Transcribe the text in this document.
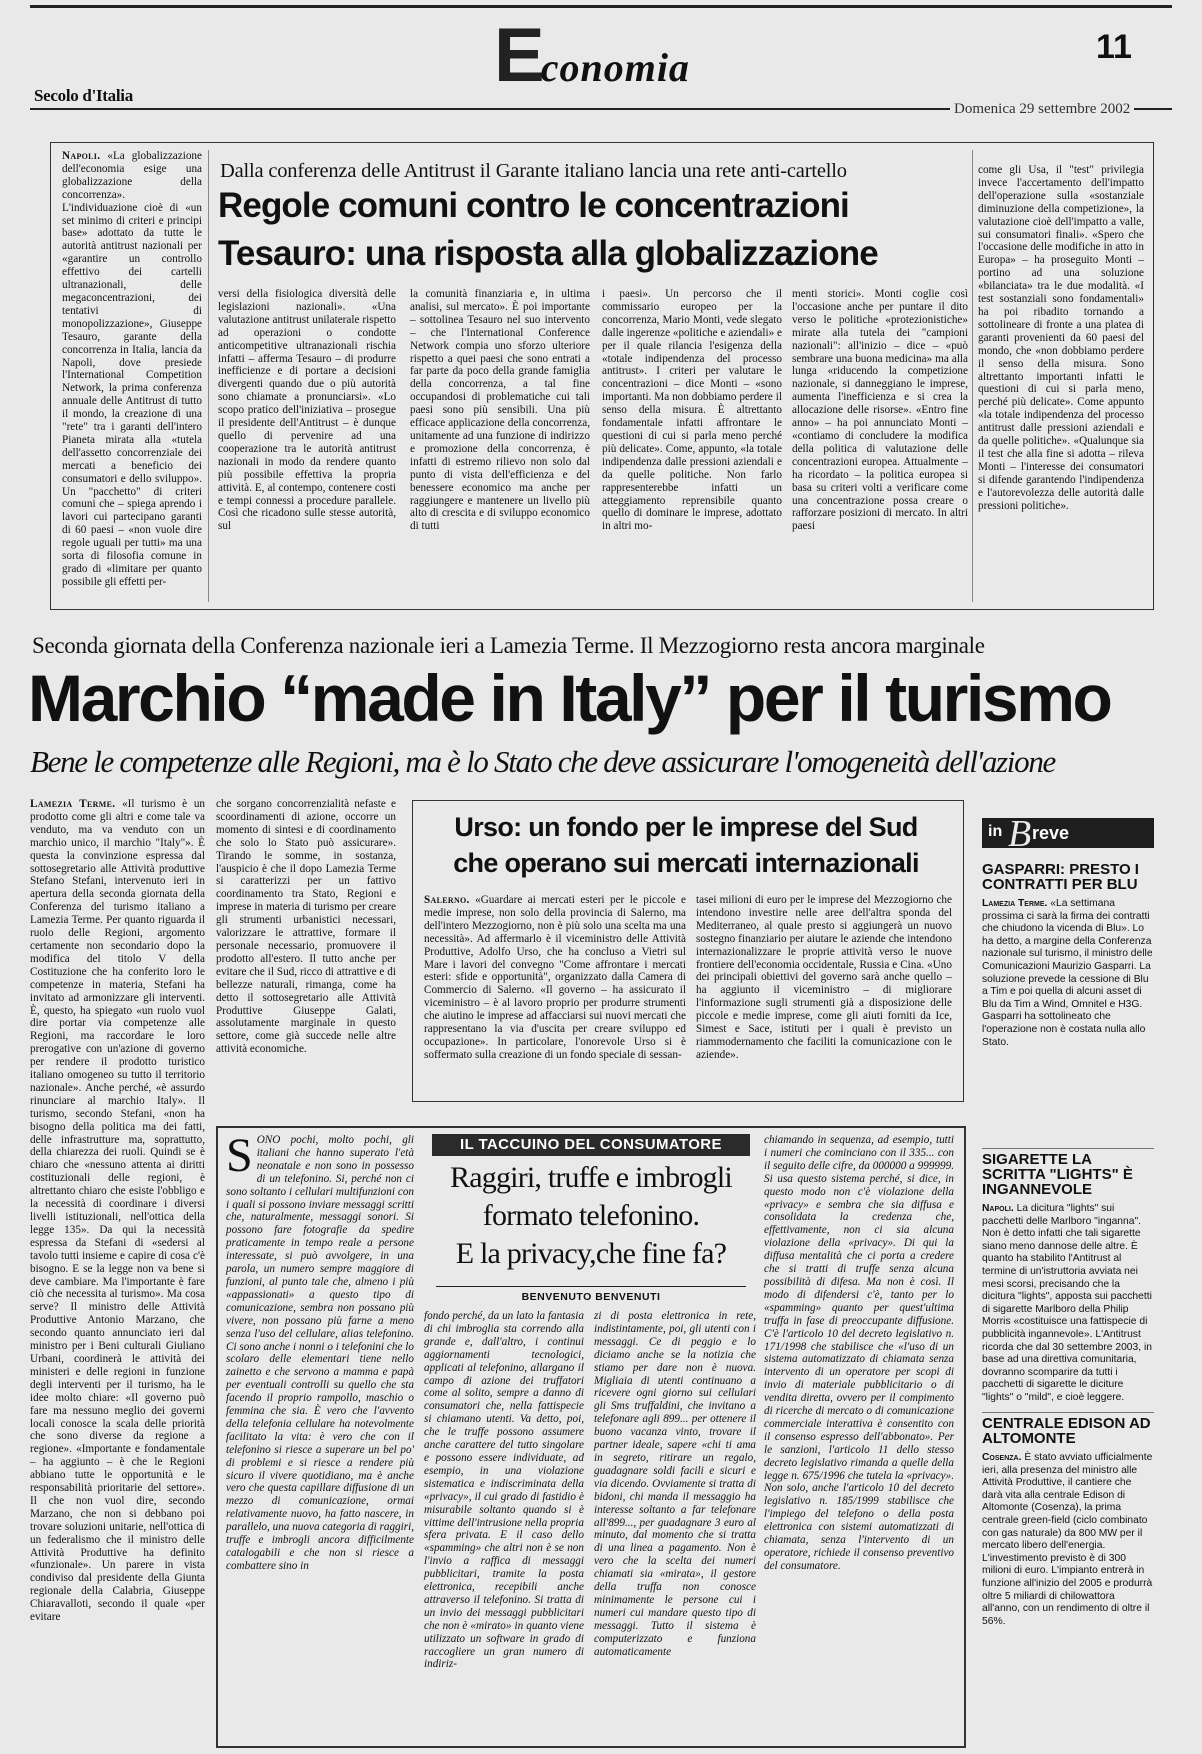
Economia	11
Secolo d'Italia
Domenica 29 settembre 2002

Napoli. «La globalizzazione dell'economia esige una globalizzazione della concorrenza». L'individuazione cioè di «un set minimo di criteri e principi base» adottato da tutte le autorità antitrust nazionali per «garantire un controllo effettivo dei cartelli ultranazionali, delle megaconcentrazioni, dei tentativi di monopolizzazione», Giuseppe Tesauro, garante della concorrenza in Italia, lancia da Napoli, dove presiede l'International Competition Network, la prima conferenza annuale delle Antitrust di tutto il mondo, la creazione di una "rete" tra i garanti dell'intero Pianeta mirata alla «tutela dell'assetto concorrenziale dei mercati a beneficio dei consumatori e dello sviluppo». Un "pacchetto" di criteri comuni che – spiega aprendo i lavori cui partecipano garanti di 60 paesi – «non vuole dire regole uguali per tutti» ma una sorta di filosofia comune in grado di «limitare per quanto possibile gli effetti per-

Dalla conferenza delle Antitrust il Garante italiano lancia una rete anti-cartello
Regole comuni contro le concentrazioni
Tesauro: una risposta alla globalizzazione

versi della fisiologica diversità delle legislazioni nazionali». «Una valutazione antitrust unilaterale rispetto ad operazioni o condotte anticompetitive ultranazionali rischia infatti – afferma Tesauro – di produrre inefficienze e di portare a decisioni divergenti quando due o più autorità sono chiamate a pronunciarsi». «Lo scopo pratico dell'iniziativa – prosegue il presidente dell'Antitrust – è dunque quello di pervenire ad una cooperazione tra le autorità antitrust nazionali in modo da rendere quanto più possibile effettiva la propria attività. E, al contempo, contenere costi e tempi connessi a procedure parallele. Così che ricadono sulle stesse autorità, sul

la comunità finanziaria e, in ultima analisi, sul mercato». È poi importante – sottolinea Tesauro nel suo intervento – che l'International Conference Network compia uno sforzo ulteriore rispetto a quei paesi che sono entrati a far parte da poco della grande famiglia della concorrenza, a tal fine occupandosi di problematiche cui tali paesi sono più sensibili. Una più efficace applicazione della concorrenza, unitamente ad una funzione di indirizzo e promozione della concorrenza, è infatti di estremo rilievo non solo dal punto di vista dell'efficienza e del benessere economico ma anche per raggiungere e mantenere un livello più alto di crescita e di sviluppo economico di tutti

i paesi». Un percorso che il commissario europeo per la concorrenza, Mario Monti, vede slegato dalle ingerenze «politiche e aziendali» e per il quale rilancia l'esigenza della «totale indipendenza del processo antitrust». I criteri per valutare le concentrazioni – dice Monti – «sono importanti. Ma non dobbiamo perdere il senso della misura. È altrettanto fondamentale infatti affrontare le questioni di cui si parla meno perché più delicate». Come, appunto, «la totale indipendenza dalle pressioni aziendali e da quelle politiche. Non farlo rappresenterebbe infatti un atteggiamento reprensibile quanto quello di dominare le imprese, adottato in altri mo-

menti storici». Monti coglie così l'occasione anche per puntare il dito verso le politiche «protezionistiche» mirate alla tutela dei "campioni nazionali": all'inizio – dice – «può sembrare una buona medicina» ma alla lunga «riducendo la competizione nazionale, si danneggiano le imprese, aumenta l'inefficienza e si crea la allocazione delle risorse». «Entro fine anno» – ha poi annunciato Monti – «contiamo di concludere la modifica della politica di valutazione delle concentrazioni europea. Attualmente – ha ricordato – la politica europea si basa su criteri volti a verificare come una concentrazione possa creare o rafforzare posizioni di mercato. In altri paesi

come gli Usa, il "test" privilegia invece l'accertamento dell'impatto dell'operazione sulla «sostanziale diminuzione della competizione», la valutazione cioè dell'impatto a valle, sui consumatori finali». «Spero che l'occasione delle modifiche in atto in Europa» – ha proseguito Monti – portino ad una soluzione «bilanciata» tra le due modalità. «I test sostanziali sono fondamentali» ha poi ribadito tornando a sottolineare di fronte a una platea di garanti provenienti da 60 paesi del mondo, che «non dobbiamo perdere il senso della misura. Sono altrettanto importanti infatti le questioni di cui si parla meno, perché più delicate». Come appunto «la totale indipendenza del processo antitrust dalle pressioni aziendali e da quelle politiche». «Qualunque sia il test che alla fine si adotta – rileva Monti – l'interesse dei consumatori si difende garantendo l'indipendenza e l'autorevolezza delle autorità dalle pressioni politiche».

Seconda giornata della Conferenza nazionale ieri a Lamezia Terme. Il Mezzogiorno resta ancora marginale
Marchio “made in Italy” per il turismo
Bene le competenze alle Regioni, ma è lo Stato che deve assicurare l'omogeneità dell'azione

Lamezia Terme. «Il turismo è un prodotto come gli altri e come tale va venduto, ma va venduto con un marchio unico, il marchio "Italy"». È questa la convinzione espressa dal sottosegretario alle Attività produttive Stefano Stefani, intervenuto ieri in apertura della seconda giornata della Conferenza del turismo italiano a Lamezia Terme. Per quanto riguarda il ruolo delle Regioni, argomento certamente non secondario dopo la modifica del titolo V della Costituzione che ha conferito loro le competenze in materia, Stefani ha invitato ad armonizzare gli interventi. È, questo, ha spiegato «un ruolo vuol dire portar via competenze alle Regioni, ma raccordare le loro prerogative con un'azione di governo per rendere il prodotto turistico italiano omogeneo su tutto il territorio nazionale». Anche perché, «è assurdo rinunciare al marchio Italy». Il turismo, secondo Stefani, «non ha bisogno della politica ma dei fatti, delle infrastrutture ma, soprattutto, della chiarezza dei ruoli. Quindi se è chiaro che «nessuno attenta ai diritti costituzionali delle regioni, è altrettanto chiaro che esiste l'obbligo e la necessità di coordinare i diversi livelli istituzionali, nell'ottica della legge 135». Da qui la necessità espressa da Stefani di «sedersi al tavolo tutti insieme e capire di cosa c'è bisogno. E se la legge non va bene si deve cambiare. Ma l'importante è fare ciò che necessita al turismo». Ma cosa serve? Il ministro delle Attività Produttive Antonio Marzano, che secondo quanto annunciato ieri dal ministro per i Beni culturali Giuliano Urbani, coordinerà le attività dei ministeri e delle regioni in funzione degli interventi per il turismo, ha le idee molto chiare: «Il governo può fare ma nessuno meglio dei governi locali conosce la scala delle priorità che sono diverse da regione a regione». «Importante e fondamentale – ha aggiunto – è che le Regioni abbiano tutte le opportunità e le responsabilità prioritarie del settore». Il che non vuol dire, secondo Marzano, che non si debbano poi trovare soluzioni unitarie, nell'ottica di un federalismo che il ministro delle Attività Produttive ha definito «funzionale». Un parere in vista condiviso dal presidente della Giunta regionale della Calabria, Giuseppe Chiaravalloti, secondo il quale «per evitare

che sorgano concorrenzialità nefaste e scoordinamenti di azione, occorre un momento di sintesi e di coordinamento che solo lo Stato può assicurare». Tirando le somme, in sostanza, l'auspicio è che il dopo Lamezia Terme si caratterizzi per un fattivo coordinamento tra Stato, Regioni e imprese in materia di turismo per creare gli strumenti urbanistici necessari, valorizzare le attrattive, formare il personale necessario, promuovere il prodotto all'estero. Il tutto anche per evitare che il Sud, ricco di attrattive e di bellezze naturali, rimanga, come ha detto il sottosegretario alle Attività Produttive Giuseppe Galati, assolutamente marginale in questo settore, come già succede nelle altre attività economiche.

Urso: un fondo per le imprese del Sud
che operano sui mercati internazionali

Salerno. «Guardare ai mercati esteri per le piccole e medie imprese, non solo della provincia di Salerno, ma dell'intero Mezzogiorno, non è più solo una scelta ma una necessità». Ad affermarlo è il viceministro delle Attività Produttive, Adolfo Urso, che ha concluso a Vietri sul Mare i lavori del convegno "Come affrontare i mercati esteri: sfide e opportunità", organizzato dalla Camera di Commercio di Salerno. «Il governo – ha assicurato il viceministro – è al lavoro proprio per produrre strumenti che aiutino le imprese ad affacciarsi sui nuovi mercati che rappresentano la via d'uscita per creare sviluppo ed occupazione». In particolare, l'onorevole Urso si è soffermato sulla creazione di un fondo speciale di sessan-

tasei milioni di euro per le imprese del Mezzogiorno che intendono investire nelle aree dell'altra sponda del Mediterraneo, al quale presto si aggiungerà un nuovo sostegno finanziario per aiutare le aziende che intendono internazionalizzare le proprie attività verso le nuove frontiere dell'economia occidentale, Russia e Cina. «Uno dei principali obiettivi del governo sarà anche quello – ha aggiunto il viceministro – di migliorare l'informazione sugli strumenti già a disposizione delle piccole e medie imprese, come gli aiuti forniti da Ice, Simest e Sace, istituti per i quali è previsto un riammodernamento che faciliti la comunicazione con le aziende».

IL TACCUINO DEL CONSUMATORE
Raggiri, truffe e imbrogli
formato telefonino.
E la privacy,che fine fa?
BENVENUTO BENVENUTI

SONO pochi, molto pochi, gli italiani che hanno superato l'età neonatale e non sono in possesso di un telefonino. Si, perché non ci sono soltanto i cellulari multifunzioni con i quali si possono inviare messaggi scritti che, naturalmente, messaggi sonori. Si possono fare fotografie da spedire praticamente in tempo reale a persone interessate, si può avvolgere, in una parola, un numero sempre maggiore di funzioni, al punto tale che, almeno i più «appassionati» a questo tipo di comunicazione, sembra non possano più vivere, non possano più farne a meno senza l'uso del cellulare, alias telefonino. Ci sono anche i nonni o i telefonini che lo scolaro delle elementari tiene nello zainetto e che servono a mamma e papà per eventuali controlli su quello che sta facendo il proprio rampollo, maschio o femmina che sia. È vero che l'avvento della telefonia cellulare ha notevolmente facilitato la vita: è vero che con il telefonino si riesce a superare un bel po' di problemi e si riesce a rendere più sicuro il vivere quotidiano, ma è anche vero che questa capillare diffusione di un mezzo di comunicazione, ormai relativamente nuovo, ha fatto nascere, in parallelo, una nuova categoria di raggiri, truffe e imbrogli ancora difficilmente catalogabili e che non si riesce a combattere sino in

fondo perché, da un lato la fantasia di chi imbroglia sta correndo alla grande e, dall'altro, i continui aggiornamenti tecnologici, applicati al telefonino, allargano il campo di azione dei truffatori come al solito, sempre a danno di consumatori che, nella fattispecie si chiamano utenti. Va detto, poi, che le truffe possono assumere anche carattere del tutto singolare e possono essere individuate, ad esempio, in una violazione sistematica e indiscriminata della «privacy», il cui grado di fastidio è misurabile soltanto quando si è vittime dell'intrusione nella propria sfera privata. E il caso dello «spamming» che altri non è se non l'invio a raffica di messaggi pubblicitari, tramite la posta elettronica, recepibili anche attraverso il telefonino. Si tratta di un invio dei messaggi pubblicitari che non è «mirato» in quanto viene utilizzato un software in grado di raccogliere un gran numero di indiriz-

zi di posta elettronica in rete, indistintamente, poi, gli utenti con i messaggi. Ce di peggio e lo diciamo anche se la notizia che stiamo per dare non è nuova. Migliaia di utenti continuano a ricevere ogni giorno sui cellulari gli Sms truffaldini, che invitano a telefonare agli 899... per ottenere il buono vacanza vinto, trovare il partner ideale, sapere «chi ti ama in segreto, ritirare un regalo, guadagnare soldi facili e sicuri e via dicendo. Ovviamente si tratta di bidoni, chi manda il messaggio ha interesse soltanto a far telefonare all'899..., per guadagnare 3 euro al minuto, dal momento che si tratta di una linea a pagamento. Non è vero che la scelta dei numeri chiamati sia «mirata», il gestore della truffa non conosce minimamente le persone cui i numeri cui mandare questo tipo di messaggi. Tutto il sistema è computerizzato e funziona automaticamente

chiamando in sequenza, ad esempio, tutti i numeri che cominciano con il 335... con il seguito delle cifre, da 000000 a 999999. Si usa questo sistema perché, si dice, in questo modo non c'è violazione della «privacy» e sembra che sia diffusa e consolidata la credenza che, effettivamente, non ci sia alcuna violazione della «privacy». Di qui la diffusa mentalità che ci porta a credere che si tratti di truffe senza alcuna possibilità di difesa. Ma non è così. Il modo di difendersi c'è, tanto per lo «spamming» quanto per quest'ultima truffa in fase di preoccupante diffusione. C'è l'articolo 10 del decreto legislativo n. 171/1998 che stabilisce che «l'uso di un sistema automatizzato di chiamata senza intervento di un operatore per scopi di invio di materiale pubblicitario o di vendita diretta, ovvero per il compimento di ricerche di mercato o di comunicazione commerciale interattiva è consentito con il consenso espresso dell'abbonato». Per le sanzioni, l'articolo 11 dello stesso decreto legislativo rimanda a quelle della legge n. 675/1996 che tutela la «privacy». Non solo, anche l'articolo 10 del decreto legislativo n. 185/1999 stabilisce che l'impiego del telefono o della posta elettronica con sistemi automatizzati di chiamata, senza l'intervento di un operatore, richiede il consenso preventivo del consumatore.

in B reve
GASPARRI: PRESTO I CONTRATTI PER BLU
Lamezia Terme. «La settimana prossima ci sarà la firma dei contratti che chiudono la vicenda di Blu». Lo ha detto, a margine della Conferenza nazionale sul turismo, il ministro delle Comunicazioni Maurizio Gasparri. La soluzione prevede la cessione di Blu a Tim e poi quella di alcuni asset di Blu da Tim a Wind, Omnitel e H3G. Gasparri ha sottolineato che l'operazione non è costata nulla allo Stato.
SIGARETTE LA SCRITTA "LIGHTS" È INGANNEVOLE
Napoli. La dicitura "lights" sui pacchetti delle Marlboro "inganna". Non è detto infatti che tali sigarette siano meno dannose delle altre. È quanto ha stabilito l'Antitrust al termine di un'istruttoria avviata nei mesi scorsi, precisando che la dicitura "lights", apposta sui pacchetti di sigarette Marlboro della Philip Morris «costituisce una fattispecie di pubblicità ingannevole». L'Antitrust ricorda che dal 30 settembre 2003, in base ad una direttiva comunitaria, dovranno scomparire da tutti i pacchetti di sigarette le diciture "lights" o "mild", e cioè leggere.
CENTRALE EDISON AD ALTOMONTE
Cosenza. È stato avviato ufficialmente ieri, alla presenza del ministro alle Attività Produttive, il cantiere che darà vita alla centrale Edison di Altomonte (Cosenza), la prima centrale green-field (ciclo combinato con gas naturale) da 800 MW per il mercato libero dell'energia. L'investimento previsto è di 300 milioni di euro. L'impianto entrerà in funzione all'inizio del 2005 e produrrà oltre 5 miliardi di chilowattora all'anno, con un rendimento di oltre il 56%.
